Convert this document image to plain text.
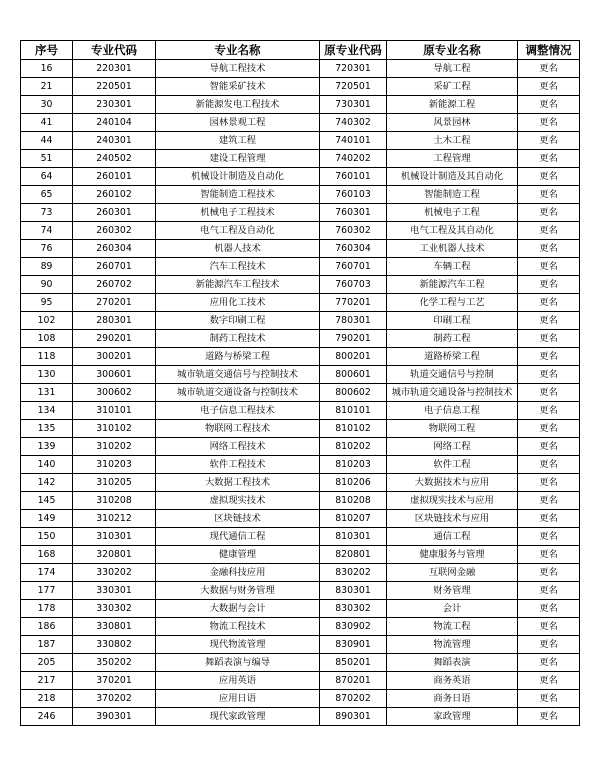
序号	专业代码	专业名称	原专业代码	原专业名称	调整情况
16	220301	导航工程技术	720301	导航工程	更名
21	220501	智能采矿技术	720501	采矿工程	更名
30	230301	新能源发电工程技术	730301	新能源工程	更名
41	240104	园林景观工程	740302	风景园林	更名
44	240301	建筑工程	740101	土木工程	更名
51	240502	建设工程管理	740202	工程管理	更名
64	260101	机械设计制造及自动化	760101	机械设计制造及其自动化	更名
65	260102	智能制造工程技术	760103	智能制造工程	更名
73	260301	机械电子工程技术	760301	机械电子工程	更名
74	260302	电气工程及自动化	760302	电气工程及其自动化	更名
76	260304	机器人技术	760304	工业机器人技术	更名
89	260701	汽车工程技术	760701	车辆工程	更名
90	260702	新能源汽车工程技术	760703	新能源汽车工程	更名
95	270201	应用化工技术	770201	化学工程与工艺	更名
102	280301	数字印刷工程	780301	印刷工程	更名
108	290201	制药工程技术	790201	制药工程	更名
118	300201	道路与桥梁工程	800201	道路桥梁工程	更名
130	300601	城市轨道交通信号与控制技术	800601	轨道交通信号与控制	更名
131	300602	城市轨道交通设备与控制技术	800602	城市轨道交通设备与控制技术	更名
134	310101	电子信息工程技术	810101	电子信息工程	更名
135	310102	物联网工程技术	810102	物联网工程	更名
139	310202	网络工程技术	810202	网络工程	更名
140	310203	软件工程技术	810203	软件工程	更名
142	310205	大数据工程技术	810206	大数据技术与应用	更名
145	310208	虚拟现实技术	810208	虚拟现实技术与应用	更名
149	310212	区块链技术	810207	区块链技术与应用	更名
150	310301	现代通信工程	810301	通信工程	更名
168	320801	健康管理	820801	健康服务与管理	更名
174	330202	金融科技应用	830202	互联网金融	更名
177	330301	大数据与财务管理	830301	财务管理	更名
178	330302	大数据与会计	830302	会计	更名
186	330801	物流工程技术	830902	物流工程	更名
187	330802	现代物流管理	830901	物流管理	更名
205	350202	舞蹈表演与编导	850201	舞蹈表演	更名
217	370201	应用英语	870201	商务英语	更名
218	370202	应用日语	870202	商务日语	更名
246	390301	现代家政管理	890301	家政管理	更名
